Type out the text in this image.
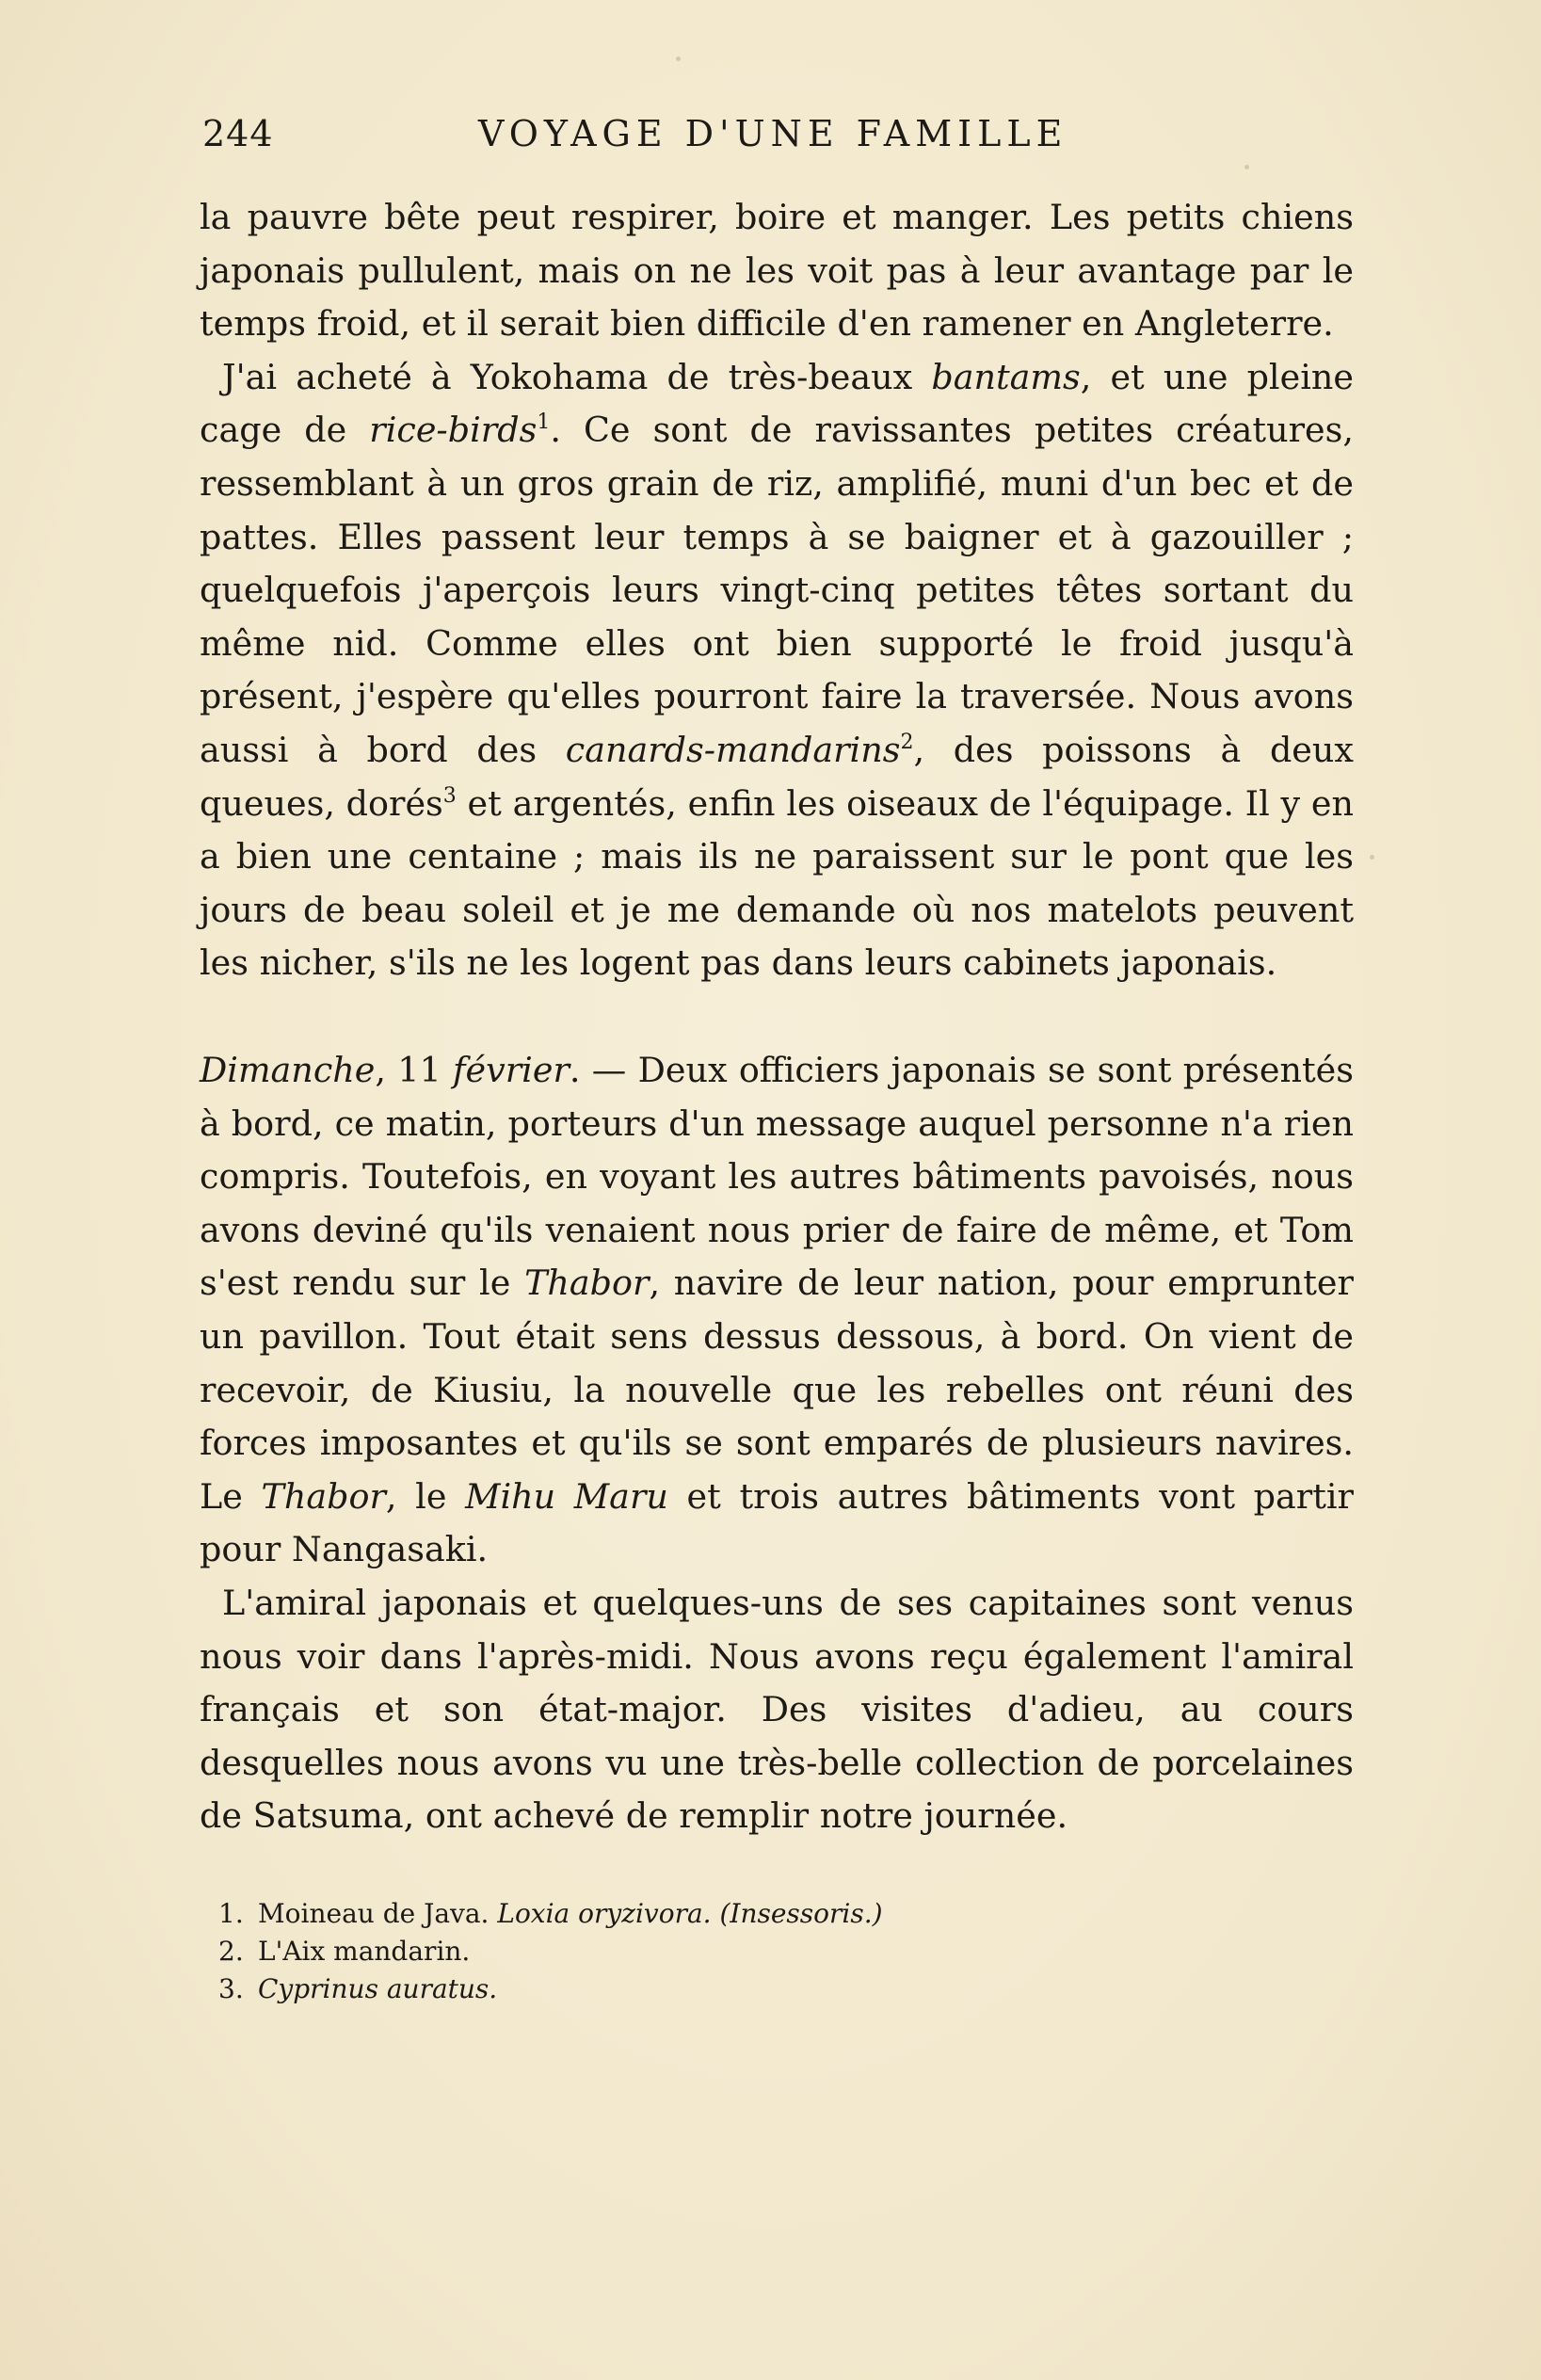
244	VOYAGE D'UNE FAMILLE

la pauvre bête peut respirer, boire et manger. Les petits chiens japonais pullulent, mais on ne les voit pas à leur avantage par le temps froid, et il serait bien difficile d'en ramener en Angleterre.

J'ai acheté à Yokohama de très-beaux bantams, et une pleine cage de rice-birds$^1$. Ce sont de ravissantes petites créatures, ressemblant à un gros grain de riz, amplifié, muni d'un bec et de pattes. Elles passent leur temps à se baigner et à gazouiller ; quelquefois j'aperçois leurs vingt-cinq petites têtes sortant du même nid. Comme elles ont bien supporté le froid jusqu'à présent, j'espère qu'elles pourront faire la traversée. Nous avons aussi à bord des canards-mandarins$^2$, des poissons à deux queues, dorés$^3$ et argentés, enfin les oiseaux de l'équipage. Il y en a bien une centaine ; mais ils ne paraissent sur le pont que les jours de beau soleil et je me demande où nos matelots peuvent les nicher, s'ils ne les logent pas dans leurs cabinets japonais.

Dimanche, 11 février. — Deux officiers japonais se sont présentés à bord, ce matin, porteurs d'un message auquel personne n'a rien compris. Toutefois, en voyant les autres bâtiments pavoisés, nous avons deviné qu'ils venaient nous prier de faire de même, et Tom s'est rendu sur le Thabor, navire de leur nation, pour emprunter un pavillon. Tout était sens dessus dessous, à bord. On vient de recevoir, de Kiusiu, la nouvelle que les rebelles ont réuni des forces imposantes et qu'ils se sont emparés de plusieurs navires. Le Thabor, le Mihu Maru et trois autres bâtiments vont partir pour Nangasaki.

L'amiral japonais et quelques-uns de ses capitaines sont venus nous voir dans l'après-midi. Nous avons reçu également l'amiral français et son état-major. Des visites d'adieu, au cours desquelles nous avons vu une très-belle collection de porcelaines de Satsuma, ont achevé de remplir notre journée.

1. Moineau de Java. Loxia oryzivora. (Insessoris.)
2. L'Aix mandarin.
3. Cyprinus auratus.
